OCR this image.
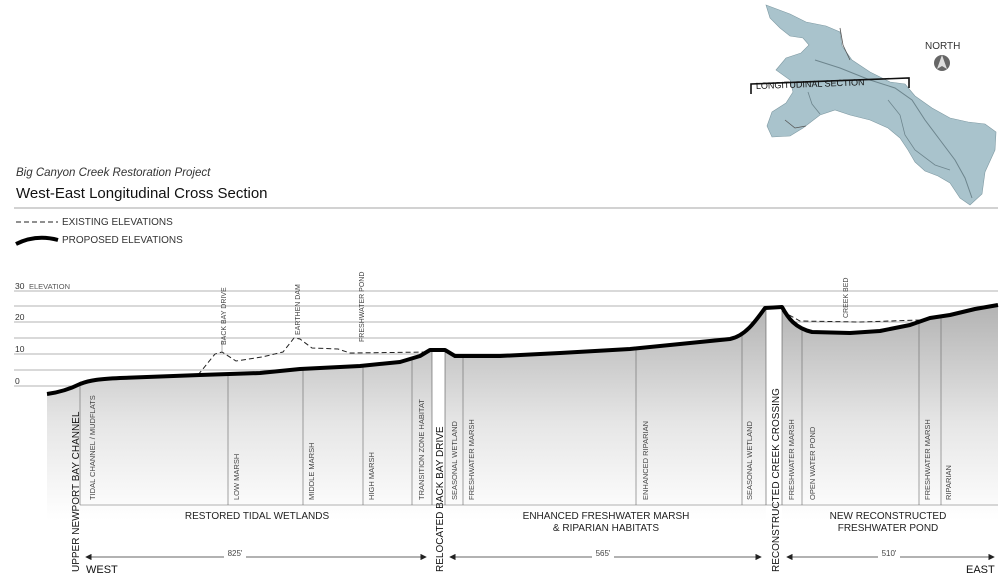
LONGITUDINAL SECTION
NORTH
EXISTING ELEVATIONS
PROPOSED ELEVATIONS
30 ELEVATION
20
10
0
BACK BAY DRIVE	EARTHEN DAM	FRESHWATER POND	CREEK BED
TIDAL CHANNEL / MUDFLATS	LOW MARSH	MIDDLE MARSH	HIGH MARSH	TRANSITION ZONE HABITAT	SEASONAL WETLAND FRESHWATER MARSH	ENHANCED RIPARIAN	SEASONAL WETLAND	FRESHWATER MARSH OPEN WATER POND	FRESHWATER MARSH RIPARIAN
UPPER NEWPORT BAY CHANNEL	RELOCATED BACK BAY DRIVE	RECONSTRUCTED CREEK CROSSING
RESTORED TIDAL WETLANDS	ENHANCED FRESHWATER MARSH
& RIPARIAN HABITATS
NEW RECONSTRUCTED
FRESHWATER POND
825'	565'	510'
WEST	EAST
Big Canyon Creek Restoration Project
West-East Longitudinal Cross Section
